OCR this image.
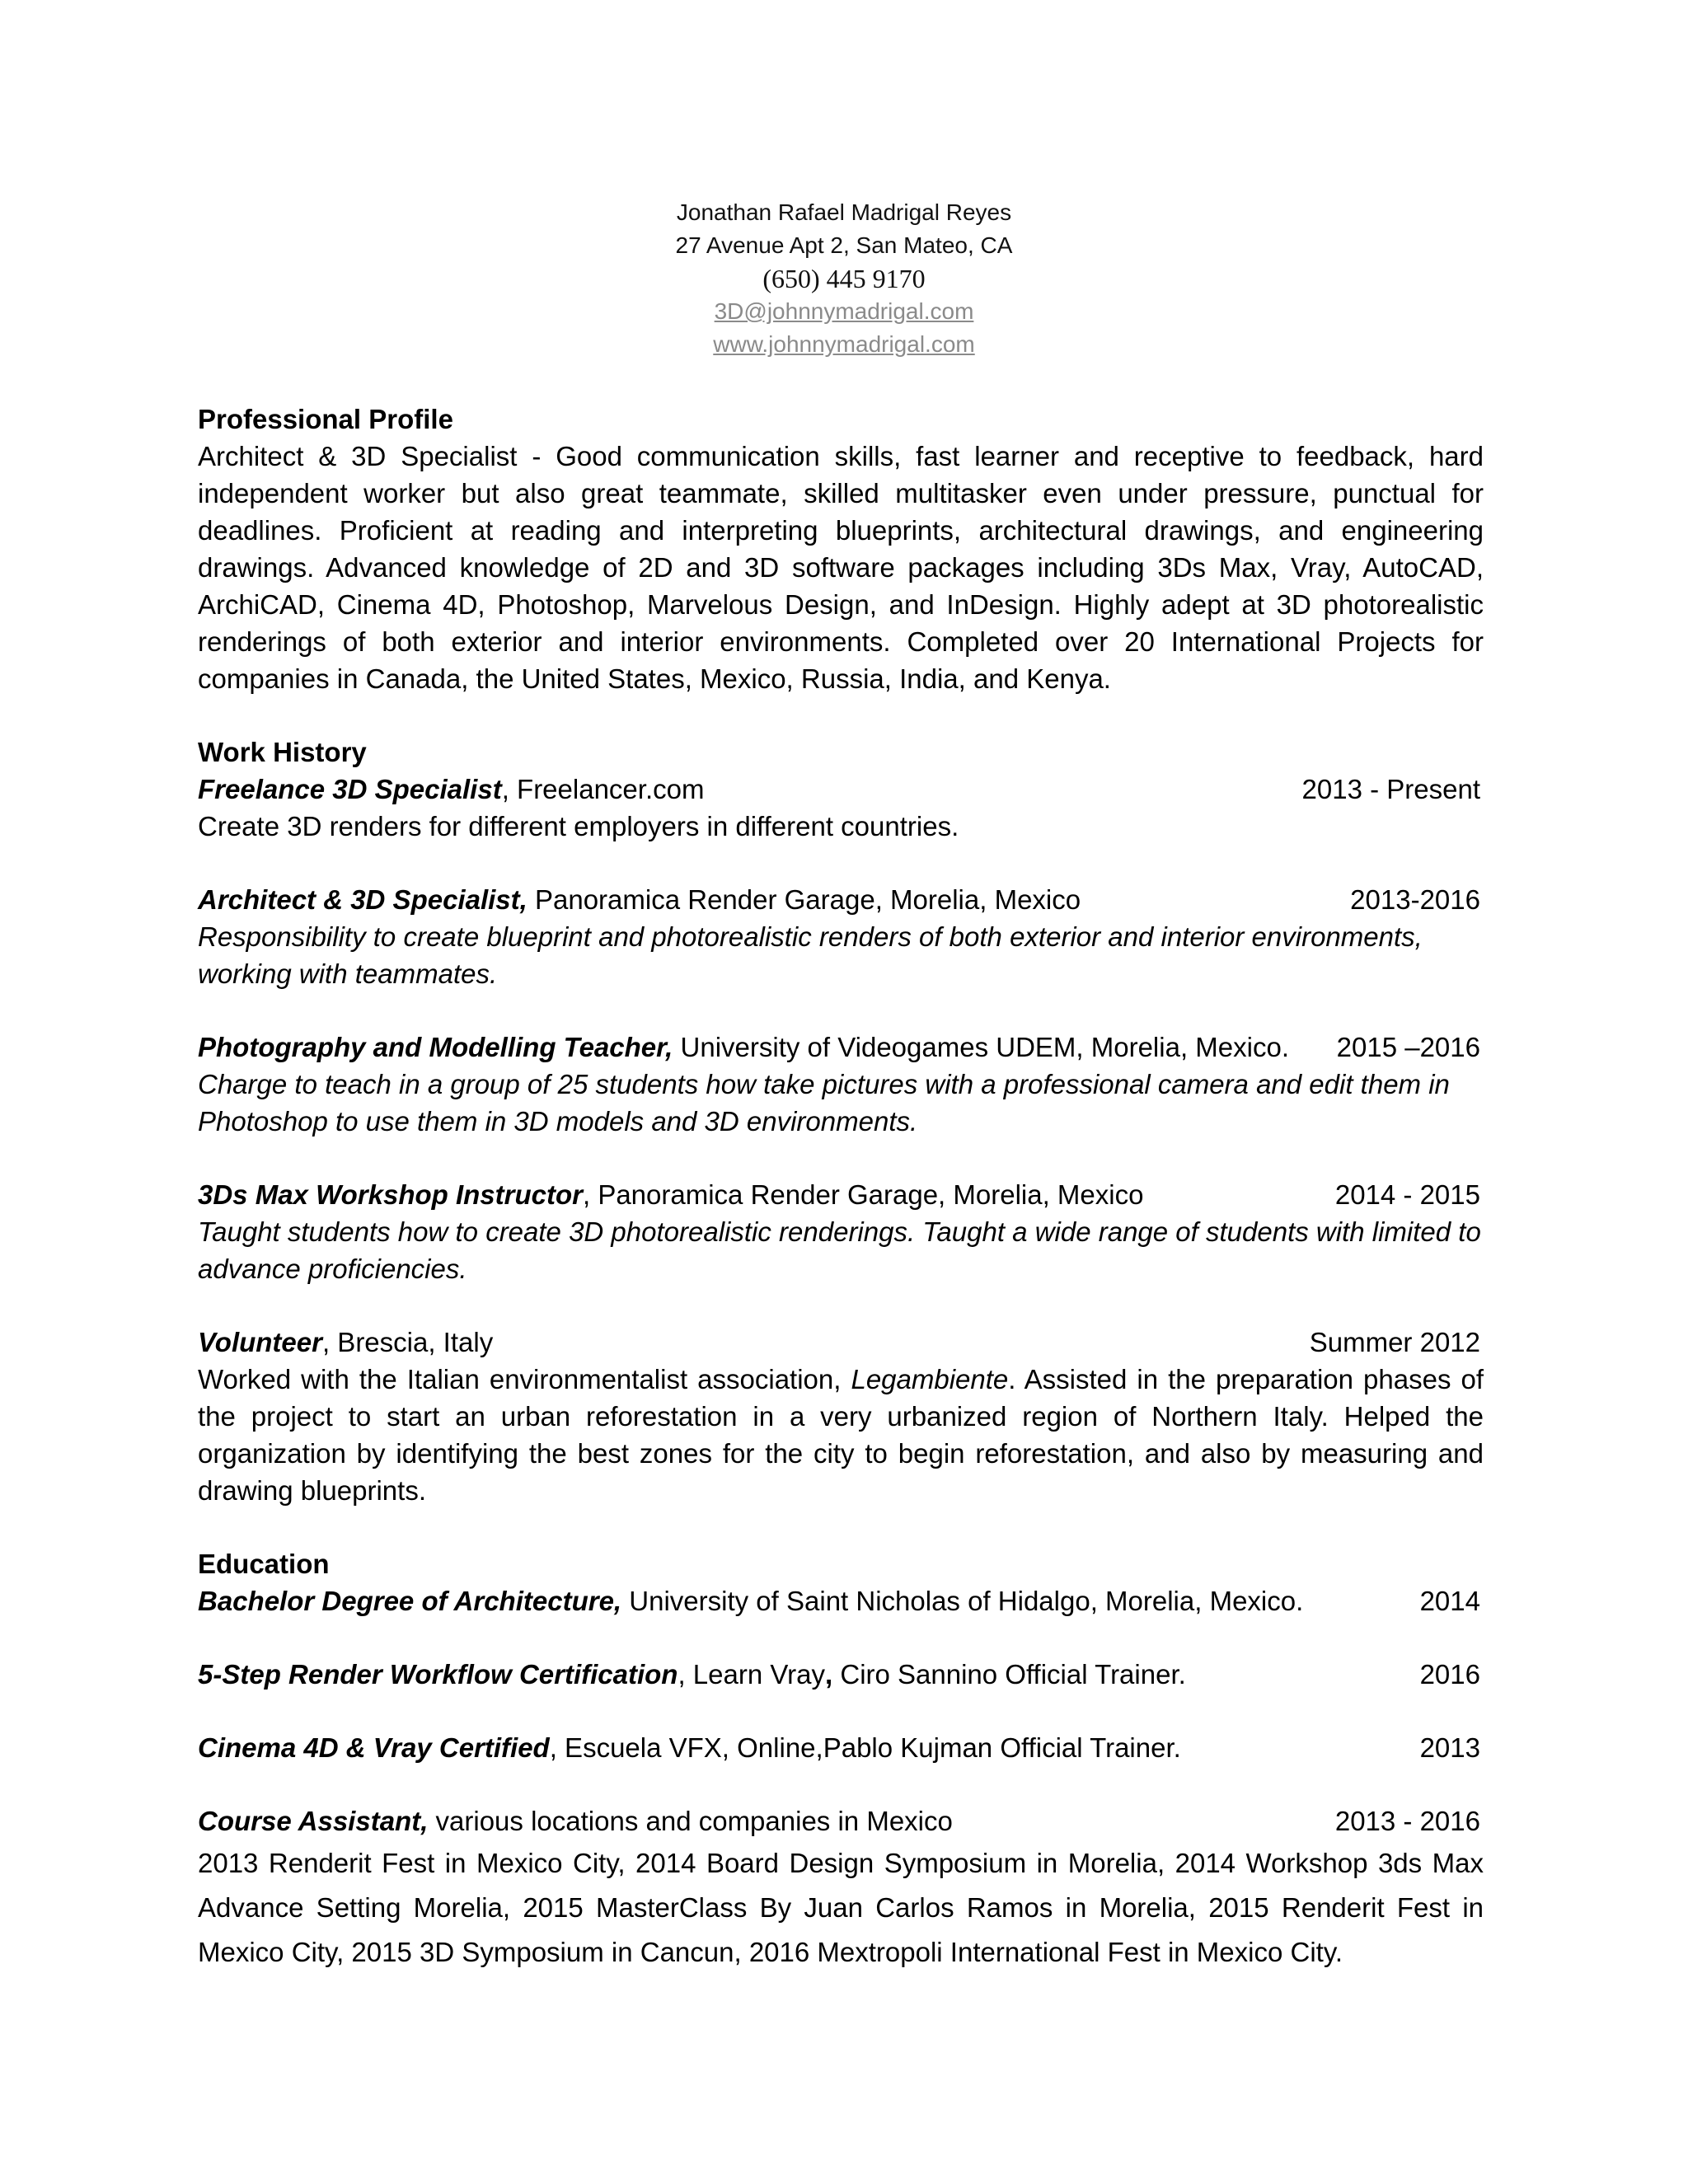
Jonathan Rafael Madrigal Reyes
27 Avenue Apt 2, San Mateo, CA
(650) 445 9170
3D@johnnymadrigal.com
www.johnnymadrigal.com

Professional Profile

Architect & 3D Specialist - Good communication skills, fast learner and receptive to feedback, hard independent worker but also great teammate, skilled multitasker even under pressure, punctual for deadlines. Proficient at reading and interpreting blueprints, architectural drawings, and engineering drawings. Advanced knowledge of 2D and 3D software packages including 3Ds Max, Vray, AutoCAD, ArchiCAD, Cinema 4D, Photoshop, Marvelous Design, and InDesign. Highly adept at 3D photorealistic renderings of both exterior and interior environments. Completed over 20 International Projects for companies in Canada, the United States, Mexico, Russia, India, and Kenya.

Work History

Freelance 3D Specialist, Freelancer.com	2013 - Present

Create 3D renders for different employers in different countries.

Architect & 3D Specialist, Panoramica Render Garage, Morelia, Mexico	2013-2016

Responsibility to create blueprint and photorealistic renders of both exterior and interior environments, working with teammates.

Photography and Modelling Teacher, University of Videogames UDEM, Morelia, Mexico.	2015 –2016

Charge to teach in a group of 25 students how take pictures with a professional camera and edit them in Photoshop to use them in 3D models and 3D environments.

3Ds Max Workshop Instructor, Panoramica Render Garage, Morelia, Mexico	2014 - 2015

Taught students how to create 3D photorealistic renderings. Taught a wide range of students with limited to advance proficiencies.

Volunteer, Brescia, Italy	Summer 2012

Worked with the Italian environmentalist association, Legambiente. Assisted in the preparation phases of the project to start an urban reforestation in a very urbanized region of Northern Italy. Helped the organization by identifying the best zones for the city to begin reforestation, and also by measuring and drawing blueprints.

Education

Bachelor Degree of Architecture, University of Saint Nicholas of Hidalgo, Morelia, Mexico.	2014
5-Step Render Workflow Certification, Learn Vray, Ciro Sannino Official Trainer.	2016
Cinema 4D & Vray Certified, Escuela VFX, Online,Pablo Kujman Official Trainer.	2013
Course Assistant, various locations and companies in Mexico	2013 - 2016

2013 Renderit Fest in Mexico City, 2014 Board Design Symposium in Morelia, 2014 Workshop 3ds Max Advance Setting Morelia, 2015 MasterClass By Juan Carlos Ramos in Morelia, 2015 Renderit Fest in Mexico City, 2015 3D Symposium in Cancun, 2016 Mextropoli International Fest in Mexico City.
